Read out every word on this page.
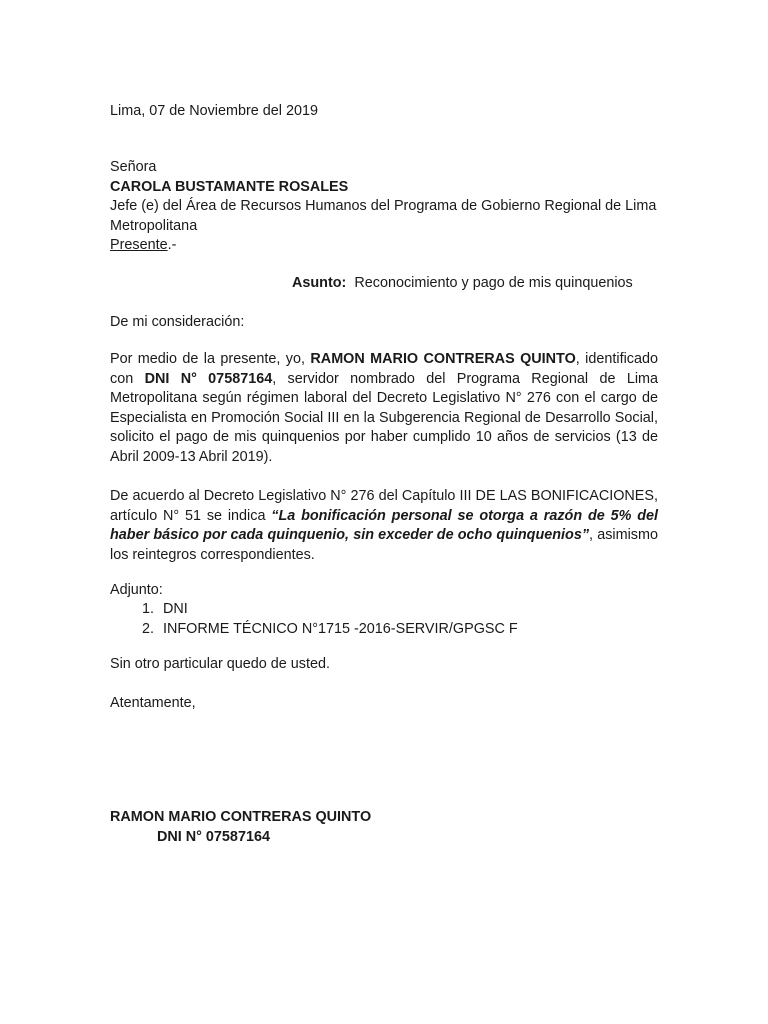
Lima, 07 de Noviembre del 2019
Señora
CAROLA BUSTAMANTE ROSALES
Jefe (e) del Área de Recursos Humanos del Programa de Gobierno Regional de Lima
Metropolitana
Presente.-
Asunto: Reconocimiento y pago de mis quinquenios
De mi consideración:
Por medio de la presente, yo, RAMON MARIO CONTRERAS QUINTO, identificado con DNI N° 07587164, servidor nombrado del Programa Regional de Lima Metropolitana según régimen laboral del Decreto Legislativo N° 276 con el cargo de Especialista en Promoción Social III en la Subgerencia Regional de Desarrollo Social, solicito el pago de mis quinquenios por haber cumplido 10 años de servicios (13 de Abril 2009-13 Abril 2019).
De acuerdo al Decreto Legislativo N° 276 del Capítulo III DE LAS BONIFICACIONES, artículo N° 51 se indica “La bonificación personal se otorga a razón de 5% del haber básico por cada quinquenio, sin exceder de ocho quinquenios”, asimismo los reintegros correspondientes.
Adjunto:
1. DNI
2. INFORME TÉCNICO N°1715 -2016-SERVIR/GPGSC F
Sin otro particular quedo de usted.
Atentamente,
RAMON MARIO CONTRERAS QUINTO
DNI N° 07587164
